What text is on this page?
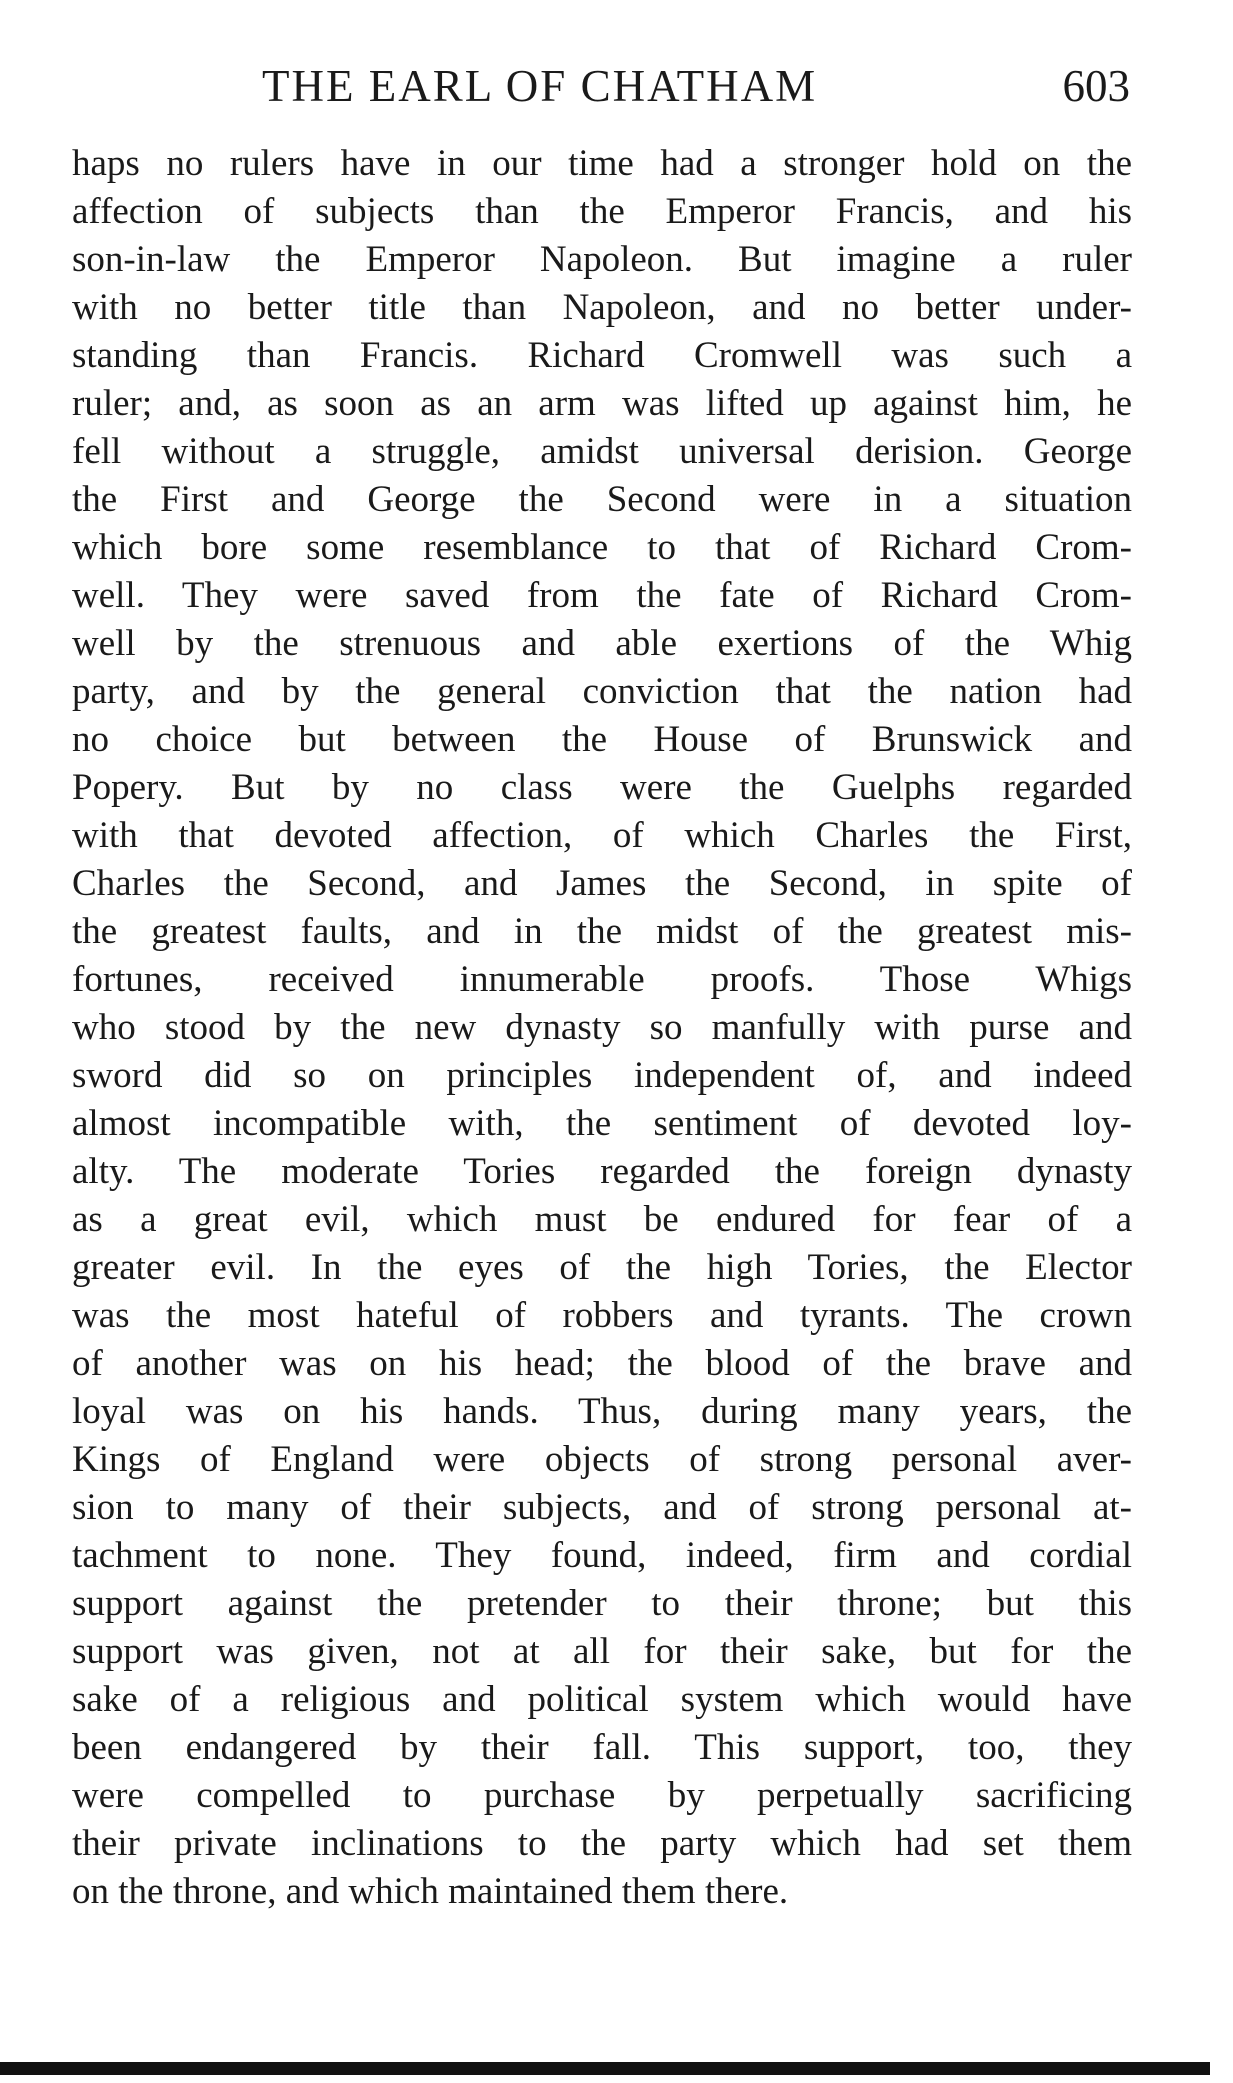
THE EARL OF CHATHAM	603
haps no rulers have in our time had a stronger hold on the
affection of subjects than the Emperor Francis, and his
son-in-law the Emperor Napoleon. But imagine a ruler
with no better title than Napoleon, and no better under-
standing than Francis. Richard Cromwell was such a
ruler; and, as soon as an arm was lifted up against him, he
fell without a struggle, amidst universal derision. George
the First and George the Second were in a situation
which bore some resemblance to that of Richard Crom-
well. They were saved from the fate of Richard Crom-
well by the strenuous and able exertions of the Whig
party, and by the general conviction that the nation had
no choice but between the House of Brunswick and
Popery. But by no class were the Guelphs regarded
with that devoted affection, of which Charles the First,
Charles the Second, and James the Second, in spite of
the greatest faults, and in the midst of the greatest mis-
fortunes, received innumerable proofs. Those Whigs
who stood by the new dynasty so manfully with purse and
sword did so on principles independent of, and indeed
almost incompatible with, the sentiment of devoted loy-
alty. The moderate Tories regarded the foreign dynasty
as a great evil, which must be endured for fear of a
greater evil. In the eyes of the high Tories, the Elector
was the most hateful of robbers and tyrants. The crown
of another was on his head; the blood of the brave and
loyal was on his hands. Thus, during many years, the
Kings of England were objects of strong personal aver-
sion to many of their subjects, and of strong personal at-
tachment to none. They found, indeed, firm and cordial
support against the pretender to their throne; but this
support was given, not at all for their sake, but for the
sake of a religious and political system which would have
been endangered by their fall. This support, too, they
were compelled to purchase by perpetually sacrificing
their private inclinations to the party which had set them
on the throne, and which maintained them there.
